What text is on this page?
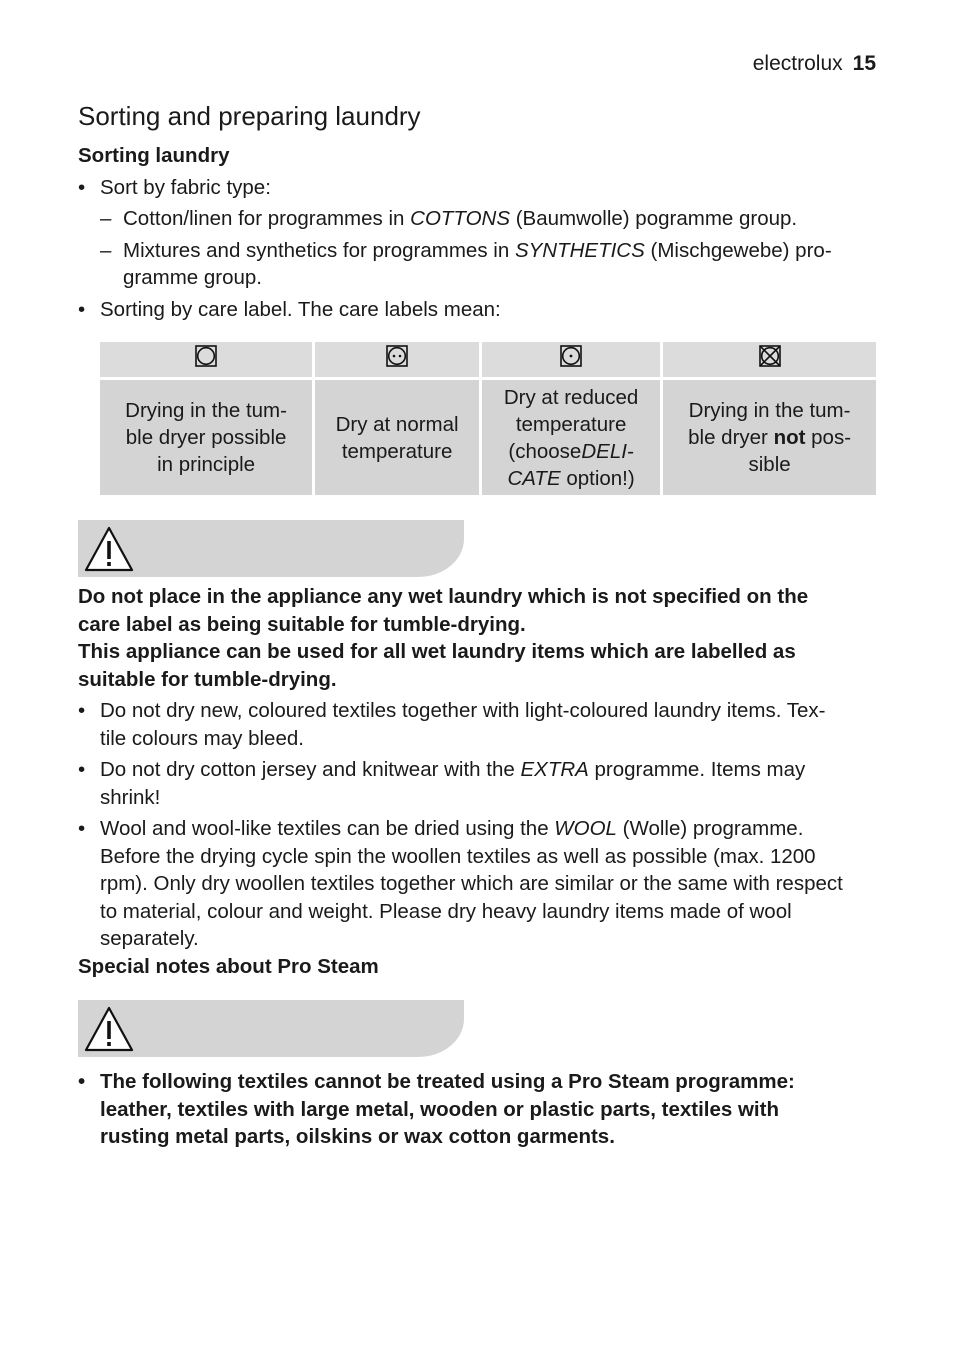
electrolux 15
Sorting and preparing laundry
Sorting laundry
• Sort by fabric type:
– Cotton/linen for programmes in COTTONS (Baumwolle) pogramme group.
– Mixtures and synthetics for programmes in SYNTHETICS (Mischgewebe) pro-
gramme group.
• Sorting by care label. The care labels mean:

Drying in the tum-
ble dryer possible
in principle	Dry at normal
temperature	Dry at reduced
temperature
(chooseDELI-
CATE option!)	Drying in the tum-
ble dryer not pos-
sible
Do not place in the appliance any wet laundry which is not specified on the
care label as being suitable for tumble-drying.
This appliance can be used for all wet laundry items which are labelled as
suitable for tumble-drying.
• Do not dry new, coloured textiles together with light-coloured laundry items. Tex-
tile colours may bleed.
• Do not dry cotton jersey and knitwear with the EXTRA programme. Items may
shrink!
• Wool and wool-like textiles can be dried using the WOOL (Wolle) programme.
Before the drying cycle spin the woollen textiles as well as possible (max. 1200
rpm). Only dry woollen textiles together which are similar or the same with respect
to material, colour and weight. Please dry heavy laundry items made of wool
separately.
Special notes about Pro Steam
• The following textiles cannot be treated using a Pro Steam programme:
leather, textiles with large metal, wooden or plastic parts, textiles with
rusting metal parts, oilskins or wax cotton garments.
